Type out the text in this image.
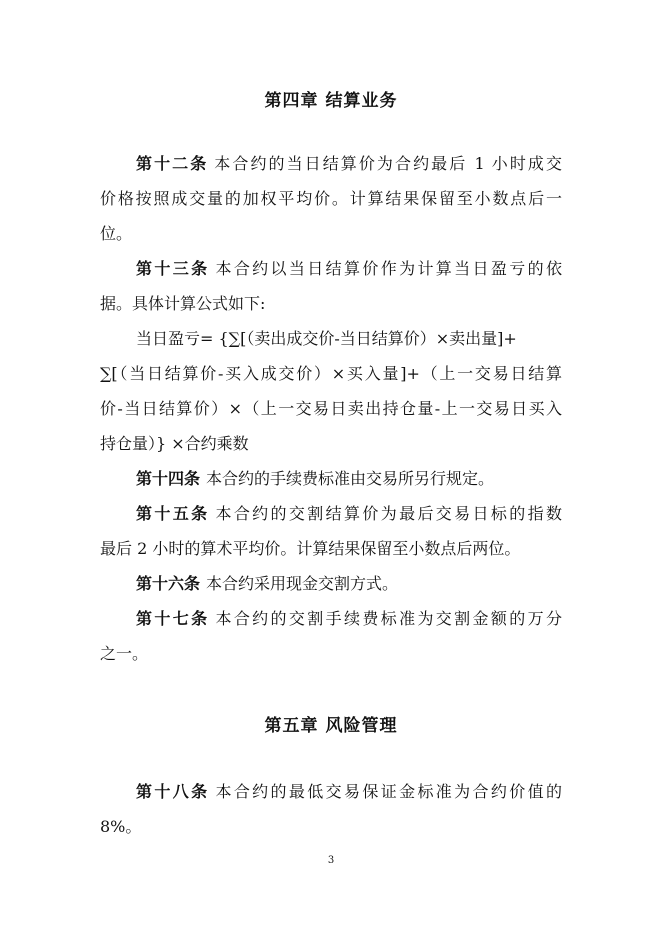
第四章 结算业务
第十二条 本合约的当日结算价为合约最后 1 小时成交
价格按照成交量的加权平均价。计算结果保留至小数点后一
位。
第十三条 本合约以当日结算价作为计算当日盈亏的依
据。具体计算公式如下:
当日盈亏= {∑[（卖出成交价-当日结算价）×卖出量]+
∑[（当日结算价-买入成交价）×买入量]+（上一交易日结算
价-当日结算价）×（上一交易日卖出持仓量-上一交易日买入
持仓量）} ×合约乘数
第十四条 本合约的手续费标准由交易所另行规定。
第十五条 本合约的交割结算价为最后交易日标的指数
最后 2 小时的算术平均价。计算结果保留至小数点后两位。
第十六条 本合约采用现金交割方式。
第十七条 本合约的交割手续费标准为交割金额的万分
之一。
第五章 风险管理
第十八条 本合约的最低交易保证金标准为合约价值的
8%。
3
